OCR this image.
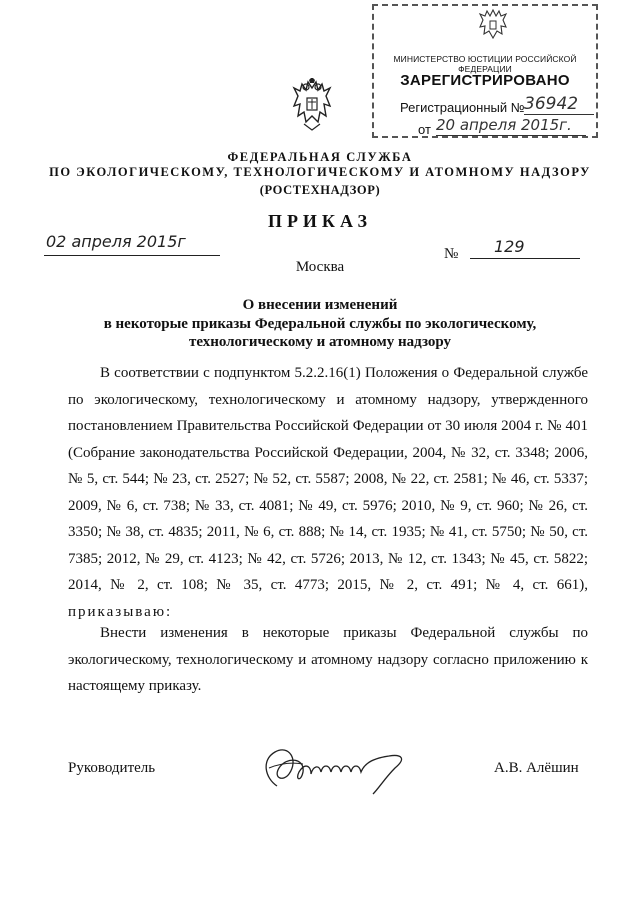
МИНИСТЕРСТВО ЮСТИЦИИ РОССИЙСКОЙ ФЕДЕРАЦИИ
ЗАРЕГИСТРИРОВАНО
Регистрационный № 36942
от 20 апреля 2015г.
ФЕДЕРАЛЬНАЯ СЛУЖБА
ПО ЭКОЛОГИЧЕСКОМУ, ТЕХНОЛОГИЧЕСКОМУ И АТОМНОМУ НАДЗОРУ
(РОСТЕХНАДЗОР)
ПРИКАЗ
02 апреля 2015г
№ 129
Москва
О внесении изменений
в некоторые приказы Федеральной службы по экологическому,
технологическому и атомному надзору

В соответствии с подпунктом 5.2.2.16(1) Положения о Федеральной службе по экологическому, технологическому и атомному надзору, утвержденного постановлением Правительства Российской Федерации от 30 июля 2004 г. № 401 (Собрание законодательства Российской Федерации, 2004, № 32, ст. 3348; 2006, № 5, ст. 544; № 23, ст. 2527; № 52, ст. 5587; 2008, № 22, ст. 2581; № 46, ст. 5337; 2009, № 6, ст. 738; № 33, ст. 4081; № 49, ст. 5976; 2010, № 9, ст. 960; № 26, ст. 3350; № 38, ст. 4835; 2011, № 6, ст. 888; № 14, ст. 1935; № 41, ст. 5750; № 50, ст. 7385; 2012, № 29, ст. 4123; № 42, ст. 5726; 2013, № 12, ст. 1343; № 45, ст. 5822; 2014, № 2, ст. 108; № 35, ст. 4773; 2015, № 2, ст. 491; № 4, ст. 661), приказываю:

Внести изменения в некоторые приказы Федеральной службы по экологическому, технологическому и атомному надзору согласно приложению к настоящему приказу.

Руководитель	А.В. Алёшин
